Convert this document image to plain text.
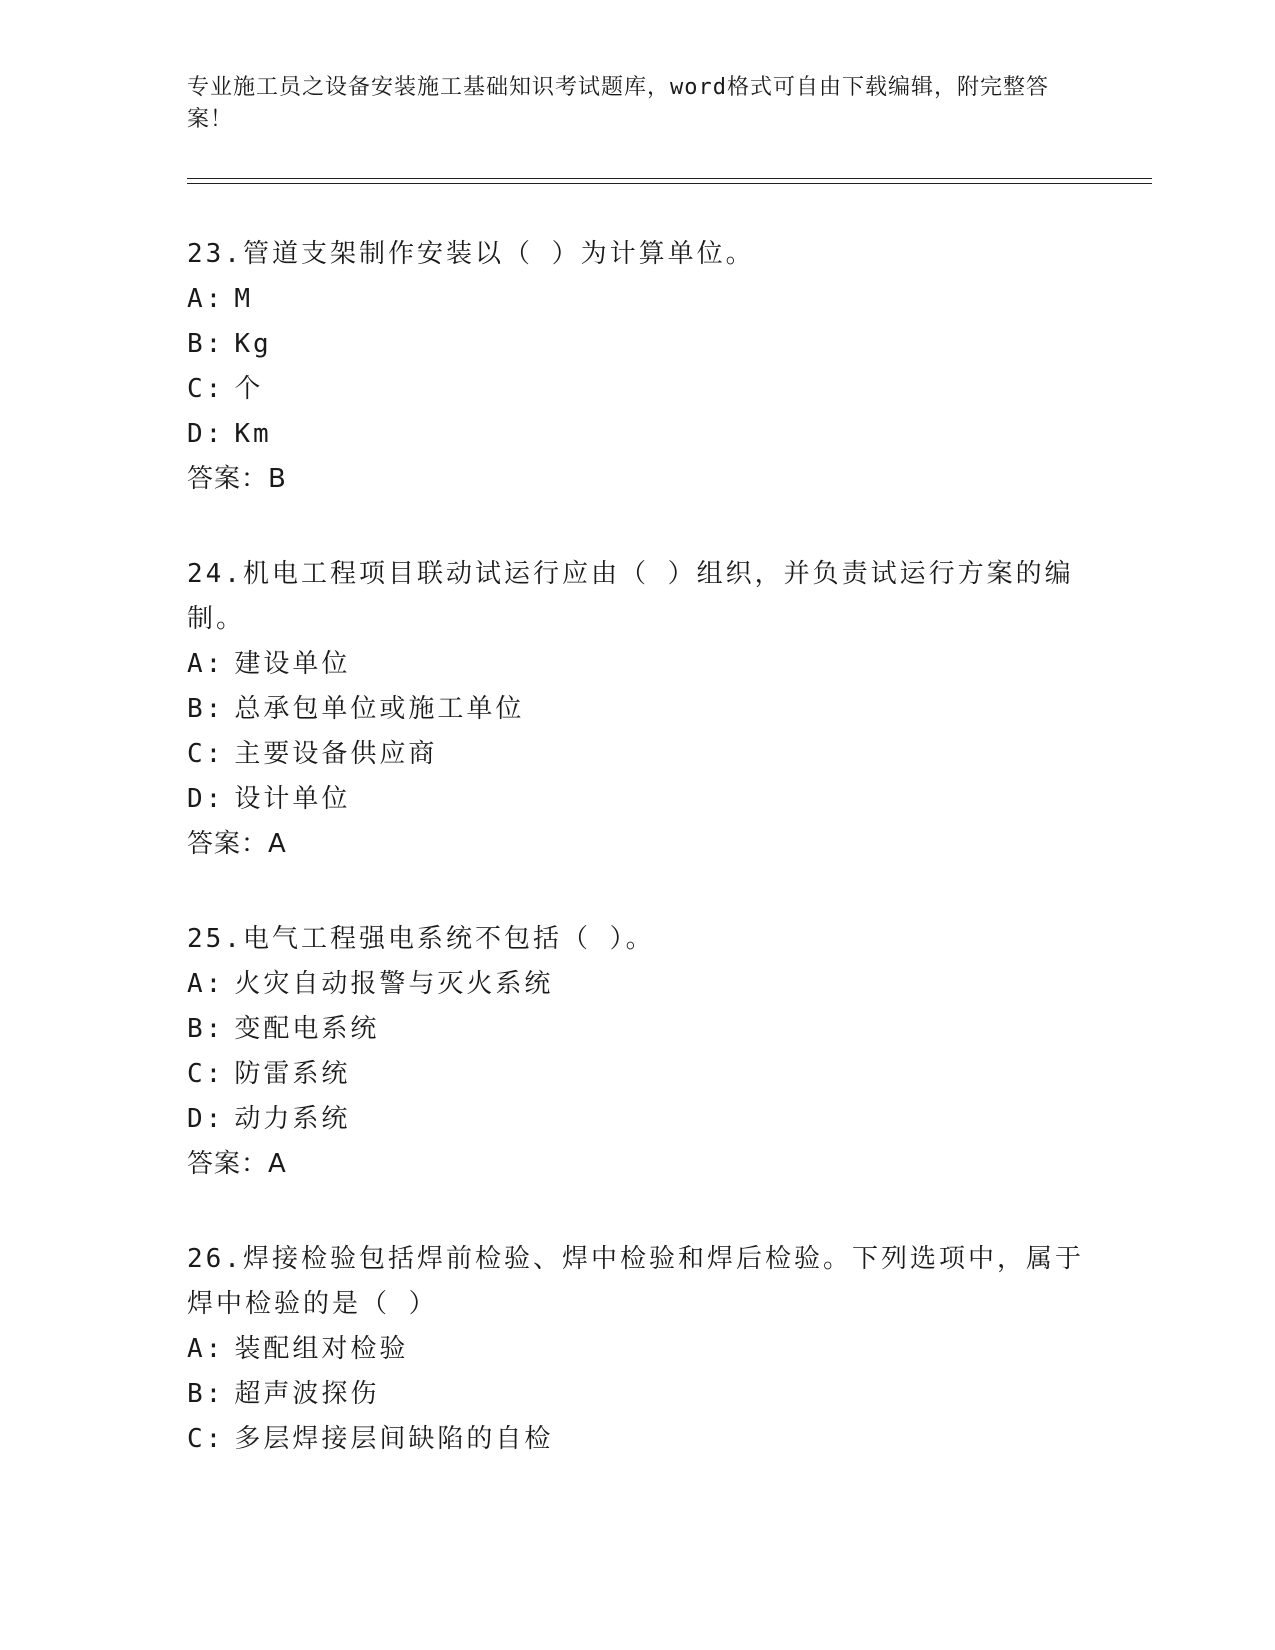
专业施工员之设备安装施工基础知识考试题库，word格式可自由下载编辑，附完整答案！
23.管道支架制作安装以（ ）为计算单位。
A: M
B: Kg
C: 个
D: Km
答案：B
24.机电工程项目联动试运行应由（ ）组织，并负责试运行方案的编制。
A: 建设单位
B: 总承包单位或施工单位
C: 主要设备供应商
D: 设计单位
答案：A
25.电气工程强电系统不包括（ ）。
A: 火灾自动报警与灭火系统
B: 变配电系统
C: 防雷系统
D: 动力系统
答案：A
26.焊接检验包括焊前检验、焊中检验和焊后检验。下列选项中，属于焊中检验的是（ ）
A: 装配组对检验
B: 超声波探伤
C: 多层焊接层间缺陷的自检
